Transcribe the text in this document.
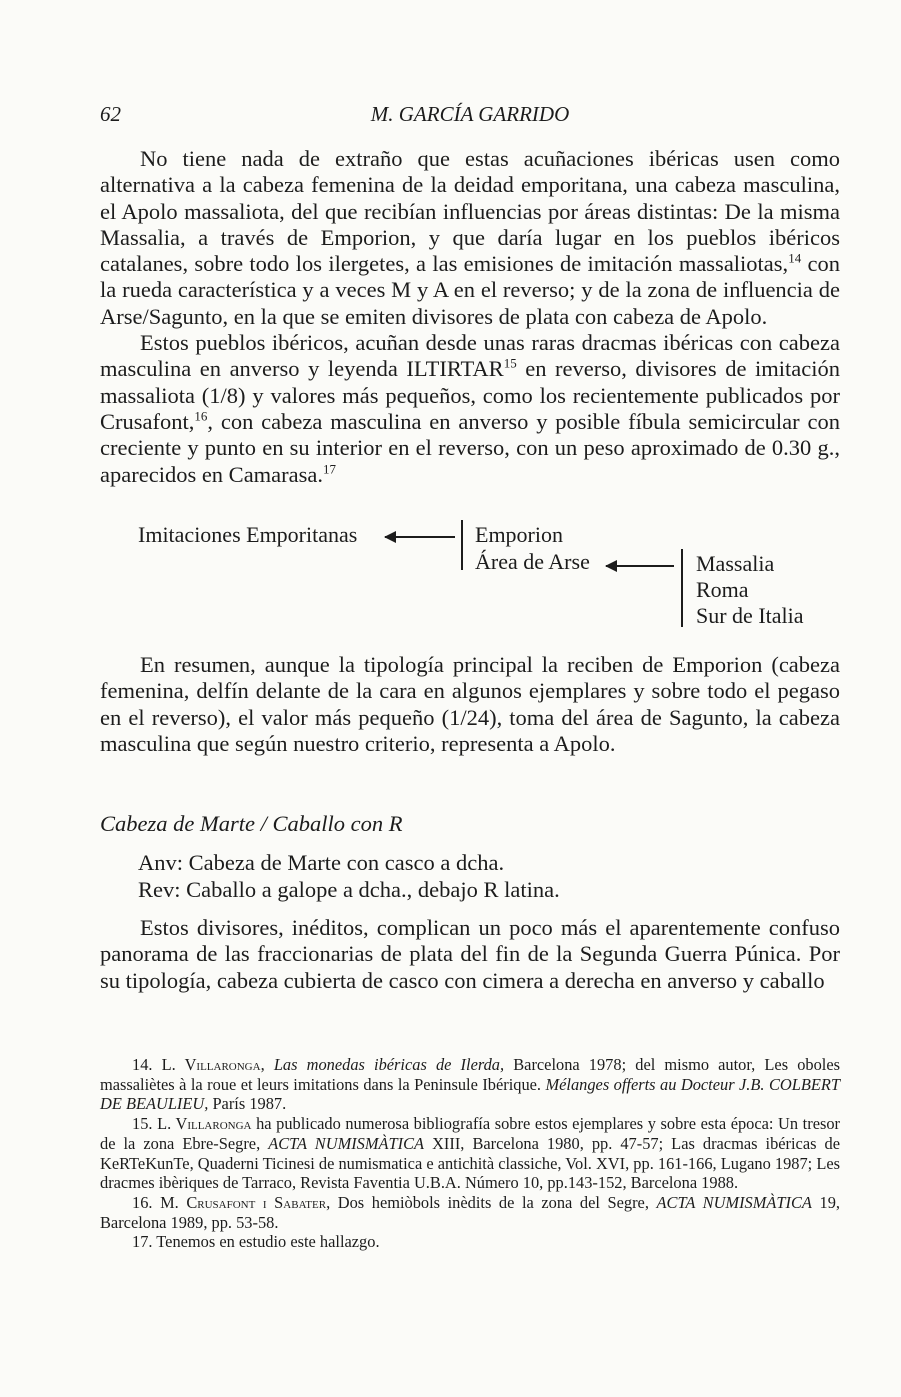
62	M. GARCÍA GARRIDO

No tiene nada de extraño que estas acuñaciones ibéricas usen como alternativa a la cabeza femenina de la deidad emporitana, una cabeza masculina, el Apolo massaliota, del que recibían influencias por áreas distintas: De la misma Massalia, a través de Emporion, y que daría lugar en los pueblos ibéricos catalanes, sobre todo los ilergetes, a las emisiones de imitación massaliotas,$^{14}$ con la rueda característica y a veces M y A en el reverso; y de la zona de influencia de Arse/Sagunto, en la que se emiten divisores de plata con cabeza de Apolo.

Estos pueblos ibéricos, acuñan desde unas raras dracmas ibéricas con cabeza masculina en anverso y leyenda ILTIRTAR$^{15}$ en reverso, divisores de imitación massaliota (1/8) y valores más pequeños, como los recientemente publicados por Crusafont,$^{16}$, con cabeza masculina en anverso y posible fíbula semicircular con creciente y punto en su interior en el reverso, con un peso aproximado de 0.30 g., aparecidos en Camarasa.$^{17}$

Imitaciones Emporitanas	Emporion
Área de Arse	Massalia
Roma
Sur de Italia

En resumen, aunque la tipología principal la reciben de Emporion (cabeza femenina, delfín delante de la cara en algunos ejemplares y sobre todo el pegaso en el reverso), el valor más pequeño (1/24), toma del área de Sagunto, la cabeza masculina que según nuestro criterio, representa a Apolo.

Cabeza de Marte / Caballo con R
Anv: Cabeza de Marte con casco a dcha.
Rev: Caballo a galope a dcha., debajo R latina.

Estos divisores, inéditos, complican un poco más el aparentemente confuso panorama de las fraccionarias de plata del fin de la Segunda Guerra Púnica. Por su tipología, cabeza cubierta de casco con cimera a derecha en anverso y caballo

14. L. Villaronga, Las monedas ibéricas de Ilerda, Barcelona 1978; del mismo autor, Les oboles massaliètes à la roue et leurs imitations dans la Peninsule Ibérique. Mélanges offerts au Docteur J.B. COLBERT DE BEAULIEU, París 1987.

15. L. Villaronga ha publicado numerosa bibliografía sobre estos ejemplares y sobre esta época: Un tresor de la zona Ebre-Segre, ACTA NUMISMÀTICA XIII, Barcelona 1980, pp. 47-57; Las dracmas ibéricas de KeRTeKunTe, Quaderni Ticinesi de numismatica e antichità classiche, Vol. XVI, pp. 161-166, Lugano 1987; Les dracmes ibèriques de Tarraco, Revista Faventia U.B.A. Número 10, pp.143-152, Barcelona 1988.

16. M. Crusafont i Sabater, Dos hemiòbols inèdits de la zona del Segre, ACTA NUMISMÀTICA 19, Barcelona 1989, pp. 53-58.

17. Tenemos en estudio este hallazgo.
